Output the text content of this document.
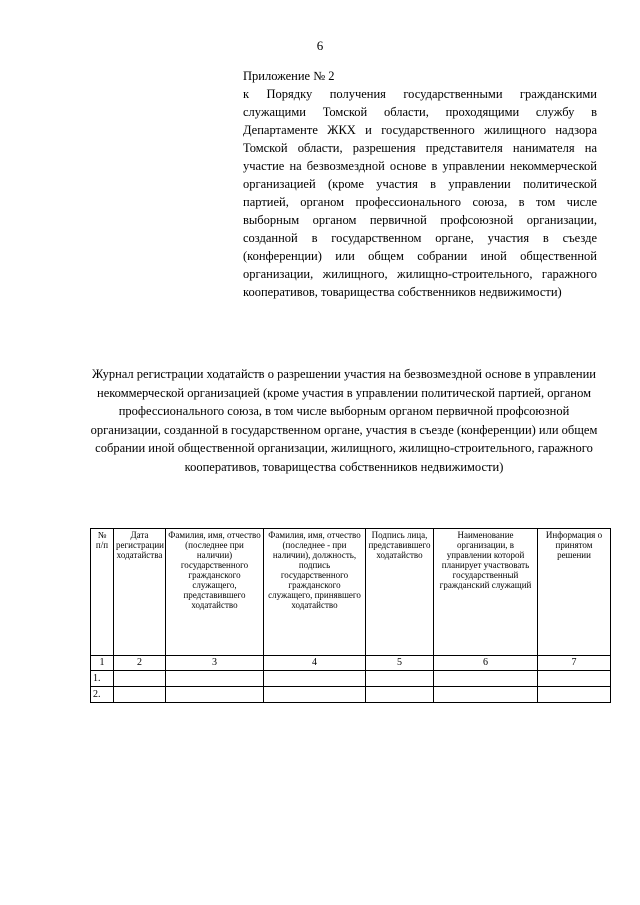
6
Приложение № 2
к Порядку получения государственными гражданскими служащими Томской области, проходящими службу в Департаменте ЖКХ и государственного жилищного надзора Томской области, разрешения представителя нанимателя на участие на безвозмездной основе в управлении некоммерческой организацией (кроме участия в управлении политической партией, органом профессионального союза, в том числе выборным органом первичной профсоюзной организации, созданной в государственном органе, участия в съезде (конференции) или общем собрании иной общественной организации, жилищного, жилищно-строительного, гаражного кооперативов, товарищества собственников недвижимости)
Журнал регистрации ходатайств о разрешении участия на безвозмездной основе в управлении некоммерческой организацией (кроме участия в управлении политической партией, органом профессионального союза, в том числе выборным органом первичной профсоюзной организации, созданной в государственном органе, участия в съезде (конференции) или общем собрании иной общественной организации, жилищного, жилищно-строительного, гаражного кооперативов, товарищества собственников недвижимости)
№ п/п	Дата регистрации ходатайства	Фамилия, имя, отчество (последнее при наличии) государственного гражданского служащего, представившего ходатайство	Фамилия, имя, отчество (последнее - при наличии), должность, подпись государственного гражданского служащего, принявшего ходатайство	Подпись лица, представившего ходатайство	Наименование организации, в управлении которой планирует участвовать государственный гражданский служащий	Информация о принятом решении
1	2	3	4	5	6	7
1.						
2.						
